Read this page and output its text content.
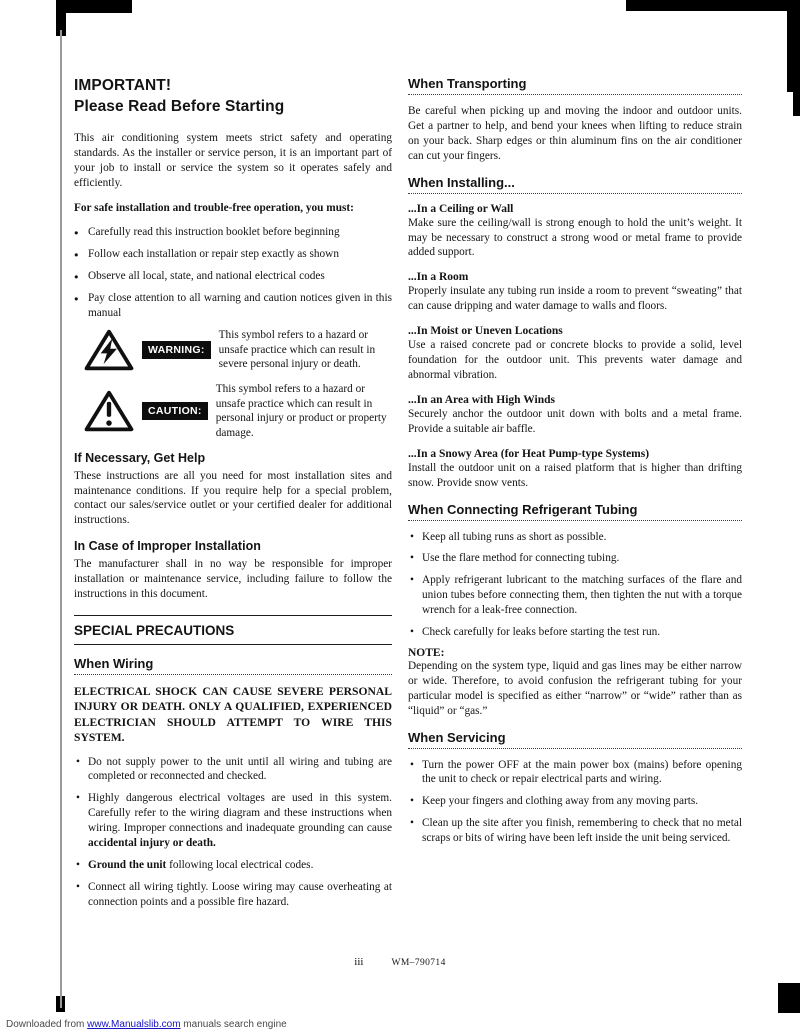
IMPORTANT!
Please Read Before Starting

This air conditioning system meets strict safety and operating standards. As the installer or service person, it is an important part of your job to install or service the system so it operates safely and efficiently.

For safe installation and trouble-free operation, you must:

● Carefully read this instruction booklet before beginning
● Follow each installation or repair step exactly as shown
● Observe all local, state, and national electrical codes
● Pay close attention to all warning and caution notices given in this manual
WARNING:

This symbol refers to a hazard or unsafe practice which can result in severe personal injury or death.

CAUTION:

This symbol refers to a hazard or unsafe practice which can result in personal injury or product or property damage.

If Necessary, Get Help

These instructions are all you need for most installation sites and maintenance conditions. If you require help for a special problem, contact our sales/service outlet or your certified dealer for additional instructions.

In Case of Improper Installation

The manufacturer shall in no way be responsible for improper installation or maintenance service, including failure to follow the instructions in this document.

SPECIAL PRECAUTIONS
When Wiring

ELECTRICAL SHOCK CAN CAUSE SEVERE PERSONAL INJURY OR DEATH. ONLY A QUALIFIED, EXPERIENCED ELECTRICIAN SHOULD ATTEMPT TO WIRE THIS SYSTEM.

• Do not supply power to the unit until all wiring and tubing are completed or reconnected and checked.
• Highly dangerous electrical voltages are used in this system. Carefully refer to the wiring diagram and these instructions when wiring. Improper connections and inadequate grounding can cause accidental injury or death.
• Ground the unit following local electrical codes.
• Connect all wiring tightly. Loose wiring may cause overheating at connection points and a possible fire hazard.
When Transporting

Be careful when picking up and moving the indoor and outdoor units. Get a partner to help, and bend your knees when lifting to reduce strain on your back. Sharp edges or thin aluminum fins on the air conditioner can cut your fingers.

When Installing...
...In a Ceiling or Wall

Make sure the ceiling/wall is strong enough to hold the unit’s weight. It may be necessary to construct a strong wood or metal frame to provide added support.

...In a Room

Properly insulate any tubing run inside a room to prevent “sweating” that can cause dripping and water damage to walls and floors.

...In Moist or Uneven Locations

Use a raised concrete pad or concrete blocks to provide a solid, level foundation for the outdoor unit. This prevents water damage and abnormal vibration.

...In an Area with High Winds

Securely anchor the outdoor unit down with bolts and a metal frame. Provide a suitable air baffle.

...In a Snowy Area (for Heat Pump-type Systems)

Install the outdoor unit on a raised platform that is higher than drifting snow. Provide snow vents.

When Connecting Refrigerant Tubing
• Keep all tubing runs as short as possible.
• Use the flare method for connecting tubing.
• Apply refrigerant lubricant to the matching surfaces of the flare and union tubes before connecting them, then tighten the nut with a torque wrench for a leak-free connection.
• Check carefully for leaks before starting the test run.
NOTE:

Depending on the system type, liquid and gas lines may be either narrow or wide. Therefore, to avoid confusion the refrigerant tubing for your particular model is specified as either “narrow” or “wide” rather than as “liquid” or “gas.”

When Servicing
• Turn the power OFF at the main power box (mains) before opening the unit to check or repair electrical parts and wiring.
• Keep your fingers and clothing away from any moving parts.
• Clean up the site after you finish, remembering to check that no metal scraps or bits of wiring have been left inside the unit being serviced.
iii	WM–790714
Downloaded from www.Manualslib.com manuals search engine
